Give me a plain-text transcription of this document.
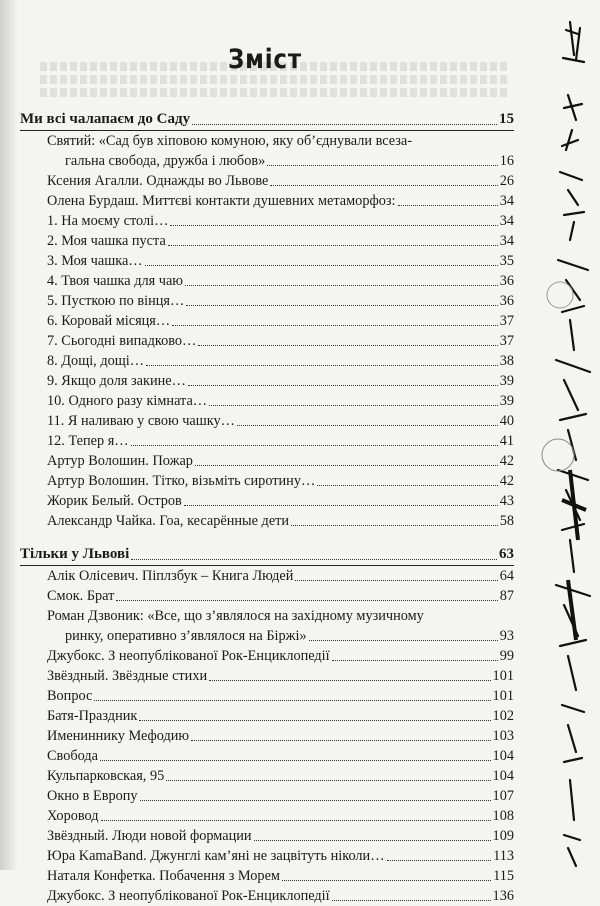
Зміст
Ми всі чалапаєм до Саду	15
Святий: «Сад був хіповою комуною, яку об’єднували всеза-
гальна свобода, дружба і любов»	16
Ксения Агалли. Однажды во Львове	26
Олена Бурдаш. Миттєві контакти душевних метаморфоз:	34
1. На моєму столі…	34
2. Моя чашка пуста	34
3. Моя чашка…	35
4. Твоя чашка для чаю	36
5. Пусткою по вінця…	36
6. Коровай місяця…	37
7. Сьогодні випадково…	37
8. Дощі, дощі…	38
9. Якщо доля закине…	39
10. Одного разу кімната…	39
11. Я наливаю у свою чашку…	40
12. Тепер я…	41
Артур Волошин. Пожар	42
Артур Волошин. Тітко, візьміть сиротину…	42
Жорик Белый. Остров	43
Александр Чайка. Гоа, кесарённые дети	58
Тільки у Львові	63
Алік Олісевич. Піплзбук – Книга Людей	64
Смок. Брат	87
Роман Дзвоник: «Все, що з’являлося на західному музичному
ринку, оперативно з’являлося на Біржі»	93
Джубокс. З неопублікованої Рок-Енциклопедії	99
Звёздный. Звёздные стихи	101
Вопрос	101
Батя-Праздник	102
Имениннику Мефодию	103
Свобода	104
Кульпарковская, 95	104
Окно в Европу	107
Хоровод	108
Звёздный. Люди новой формации	109
Юра KamaBand. Джунглі кам’яні не зацвітуть ніколи…	113
Наталя Конфетка. Побачення з Морем	115
Джубокс. З неопублікованої Рок-Енциклопедії	136
